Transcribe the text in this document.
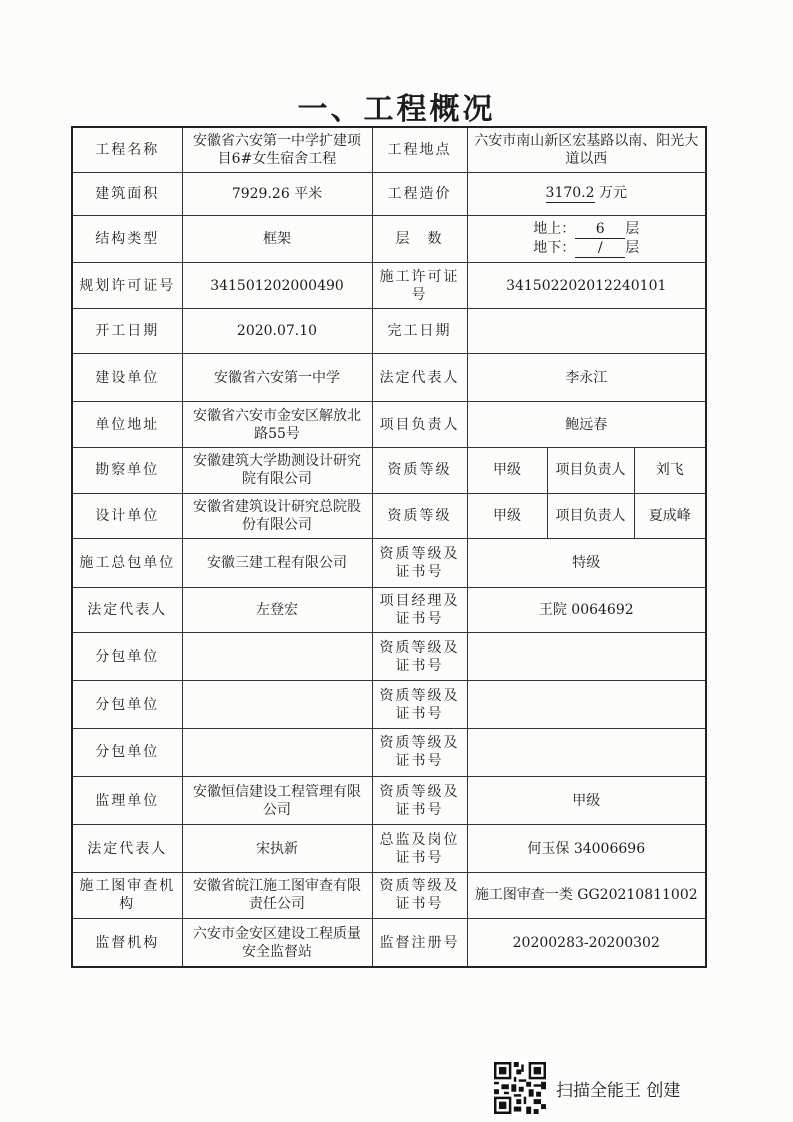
一、工程概况
工程名称	安徽省六安第一中学扩建项目6#女生宿舍工程	工程地点	六安市南山新区宏基路以南、阳光大道以西		
建筑面积	7929.26 平米	工程造价	3170.2 万元		
结构类型	框架	层　数	地上： 6 层
地下： / 层		

规划许可证号	341501202000490	施工许可证号	341502202012240101		
开工日期	2020.07.10	完工日期			
建设单位	安徽省六安第一中学	法定代表人	李永江		
单位地址	安徽省六安市金安区解放北路55号	项目负责人	鲍远春		
勘察单位	安徽建筑大学勘测设计研究院有限公司	资质等级	甲级	项目负责人	刘飞
设计单位	安徽省建筑设计研究总院股份有限公司	资质等级	甲级	项目负责人	夏成峰
施工总包单位	安徽三建工程有限公司	资质等级及证书号	特级		
法定代表人	左登宏	项目经理及证书号	王院 0064692		
分包单位		资质等级及证书号			
分包单位		资质等级及证书号			
分包单位		资质等级及证书号			
监理单位	安徽恒信建设工程管理有限公司	资质等级及证书号	甲级		
法定代表人	宋执新	总监及岗位证书号	何玉保 34006696		
施工图审查机构	安徽省皖江施工图审查有限责任公司	资质等级及证书号	施工图审查一类 GG20210811002		
监督机构	六安市金安区建设工程质量安全监督站	监督注册号	20200283-20200302		
扫描全能王 创建
